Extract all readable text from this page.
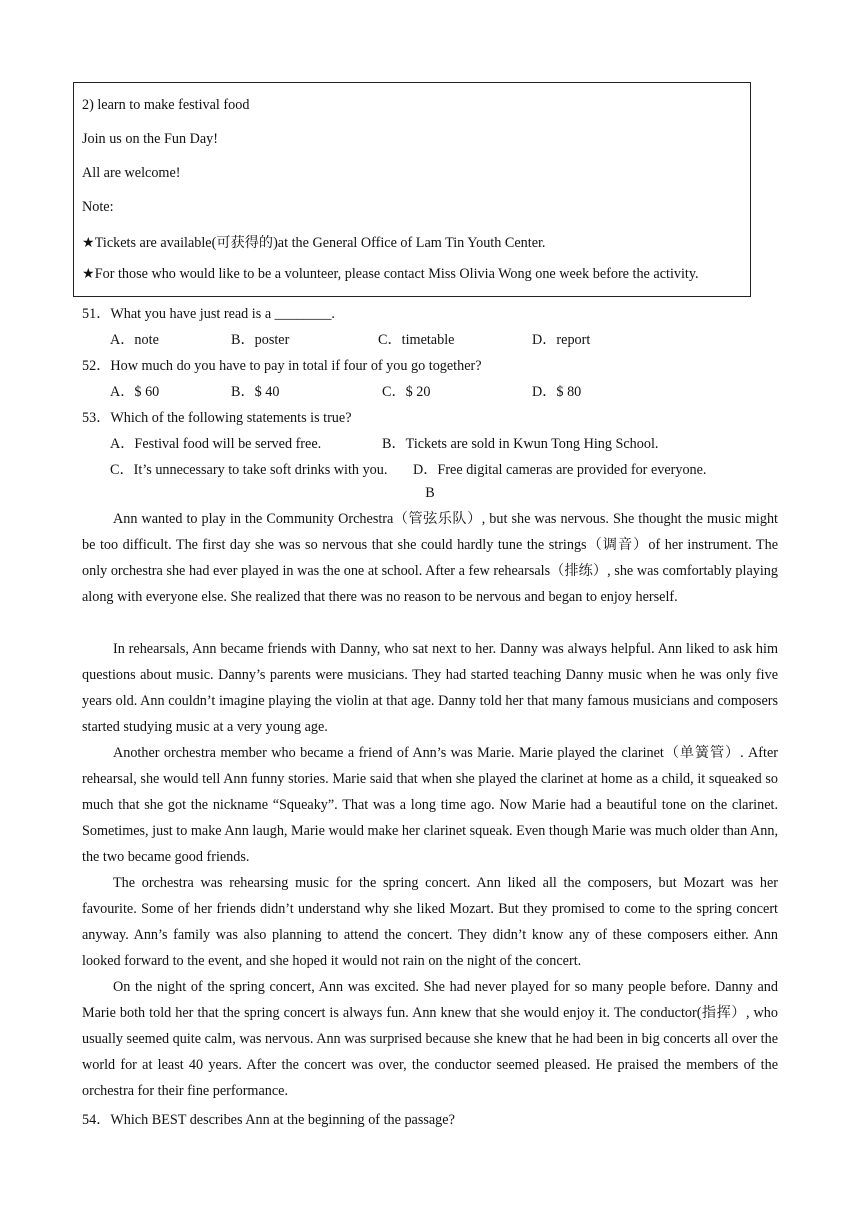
2) learn to make festival food
Join us on the Fun Day!
All are welcome!
Note:
★Tickets are available(可获得的)at the General Office of Lam Tin Youth Center.
★For those who would like to be a volunteer, please contact Miss Olivia Wong one week before the activity.
51．What you have just read is a ________.
A．note	B．poster	C．timetable	D．report
52．How much do you have to pay in total if four of you go together?
A．$ 60	B．$ 40	C．$ 20	D．$ 80
53．Which of the following statements is true?
A．Festival food will be served free.	B．Tickets are sold in Kwun Tong Hing School.
C．It’s unnecessary to take soft drinks with you. D．Free digital cameras are provided for everyone.
B

Ann wanted to play in the Community Orchestra（管弦乐队）, but she was nervous. She thought the music might be too difficult. The first day she was so nervous that she could hardly tune the strings（调音）of her instrument. The only orchestra she had ever played in was the one at school. After a few rehearsals（排练）, she was comfortably playing along with everyone else. She realized that there was no reason to be nervous and began to enjoy herself.

In rehearsals, Ann became friends with Danny, who sat next to her. Danny was always helpful. Ann liked to ask him questions about music. Danny’s parents were musicians. They had started teaching Danny music when he was only five years old. Ann couldn’t imagine playing the violin at that age. Danny told her that many famous musicians and composers started studying music at a very young age.

Another orchestra member who became a friend of Ann’s was Marie. Marie played the clarinet（单簧管）. After rehearsal, she would tell Ann funny stories. Marie said that when she played the clarinet at home as a child, it squeaked so much that she got the nickname “Squeaky”. That was a long time ago. Now Marie had a beautiful tone on the clarinet. Sometimes, just to make Ann laugh, Marie would make her clarinet squeak. Even though Marie was much older than Ann, the two became good friends.

The orchestra was rehearsing music for the spring concert. Ann liked all the composers, but Mozart was her favourite. Some of her friends didn’t understand why she liked Mozart. But they promised to come to the spring concert anyway. Ann’s family was also planning to attend the concert. They didn’t know any of these composers either. Ann looked forward to the event, and she hoped it would not rain on the night of the concert.

On the night of the spring concert, Ann was excited. She had never played for so many people before. Danny and Marie both told her that the spring concert is always fun. Ann knew that she would enjoy it. The conductor(指挥）, who usually seemed quite calm, was nervous. Ann was surprised because she knew that he had been in big concerts all over the world for at least 40 years. After the concert was over, the conductor seemed pleased. He praised the members of the orchestra for their fine performance.

54．Which BEST describes Ann at the beginning of the passage?
